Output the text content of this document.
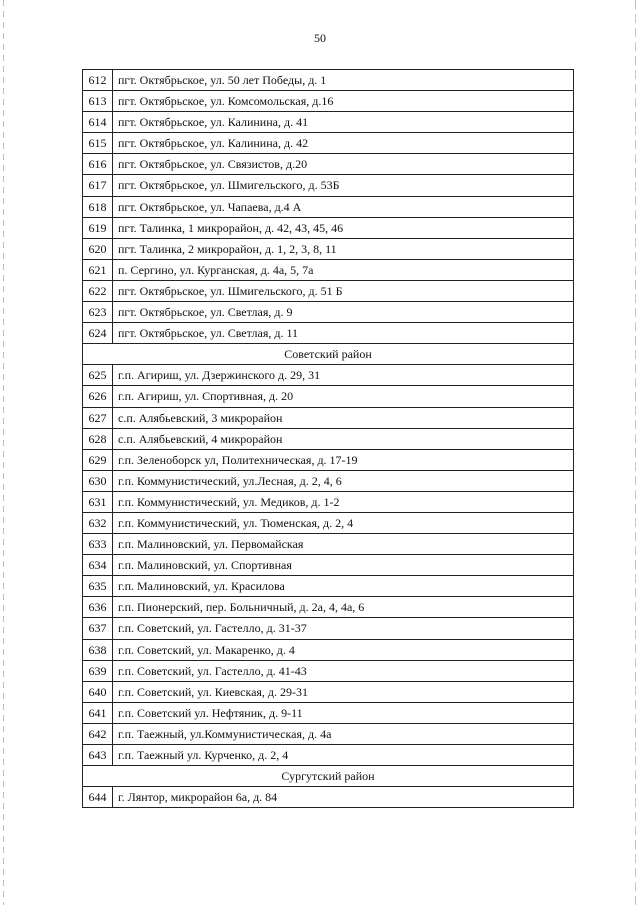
50
612 пгт. Октябрьское, ул. 50 лет Победы, д. 1
613 пгт. Октябрьское, ул. Комсомольская, д.16
614 пгт. Октябрьское, ул. Калинина, д. 41
615 пгт. Октябрьское, ул. Калинина, д. 42
616 пгт. Октябрьское, ул. Связистов, д.20
617 пгт. Октябрьское, ул. Шмигельского, д. 53Б
618 пгт. Октябрьское, ул. Чапаева, д.4 А
619 пгт. Талинка, 1 микрорайон, д. 42, 43, 45, 46
620 пгт. Талинка, 2 микрорайон, д. 1, 2, 3, 8, 11
621 п. Сергино, ул. Курганская, д. 4а, 5, 7а
622 пгт. Октябрьское, ул. Шмигельского, д. 51 Б
623 пгт. Октябрьское, ул. Светлая, д. 9
624 пгт. Октябрьское, ул. Светлая, д. 11
Советский район
625 г.п. Агириш, ул. Дзержинского д. 29, 31
626 г.п. Агириш, ул. Спортивная, д. 20
627 с.п. Алябьевский, 3 микрорайон
628 с.п. Алябьевский, 4 микрорайон
629 г.п. Зеленоборск ул, Политехническая, д. 17-19
630 г.п. Коммунистический, ул.Лесная, д. 2, 4, 6
631 г.п. Коммунистический, ул. Медиков, д. 1-2
632 г.п. Коммунистический, ул. Тюменская, д. 2, 4
633 г.п. Малиновский, ул. Первомайская
634 г.п. Малиновский, ул. Спортивная
635 г.п. Малиновский, ул. Красилова
636 г.п. Пионерский, пер. Больничный, д. 2а, 4, 4а, 6
637 г.п. Советский, ул. Гастелло, д. 31-37
638 г.п. Советский, ул. Макаренко, д. 4
639 г.п. Советский, ул. Гастелло, д. 41-43
640 г.п. Советский, ул. Киевская, д. 29-31
641 г.п. Советский ул. Нефтяник, д. 9-11
642 г.п. Таежный, ул.Коммунистическая, д. 4а
643 г.п. Таежный ул. Курченко, д. 2, 4
Сургутский район
644 г. Лянтор, микрорайон 6а, д. 84
